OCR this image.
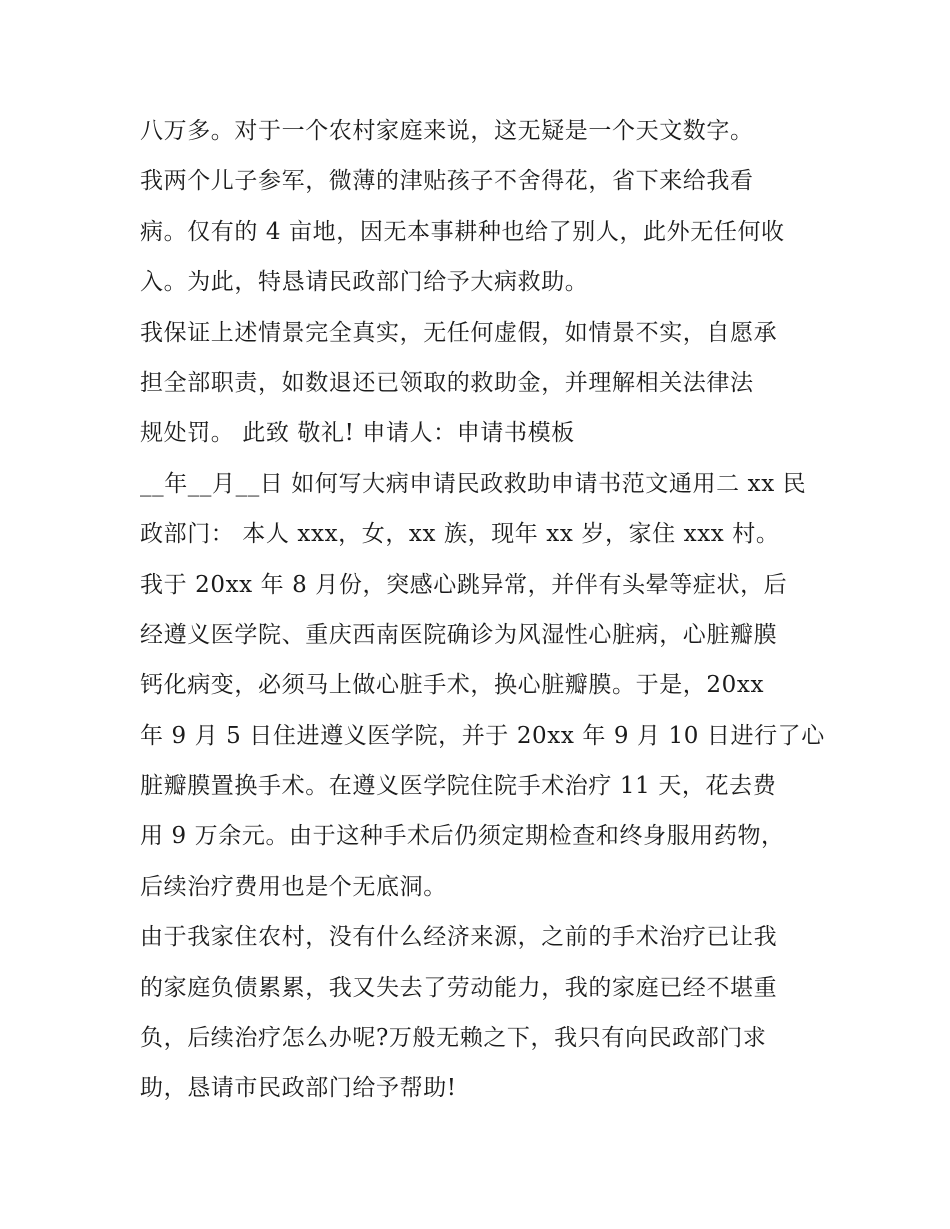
八万多。对于一个农村家庭来说，这无疑是一个天文数字。
我两个儿子参军，微薄的津贴孩子不舍得花，省下来给我看
病。仅有的 4 亩地，因无本事耕种也给了别人，此外无任何收
入。为此，特恳请民政部门给予大病救助。
我保证上述情景完全真实，无任何虚假，如情景不实，自愿承
担全部职责，如数退还已领取的救助金，并理解相关法律法
规处罚。 此致 敬礼! 申请人：申请书模板
__年__月__日 如何写大病申请民政救助申请书范文通用二 xx 民
政部门： 本人 xxx，女，xx 族，现年 xx 岁，家住 xxx 村。
我于 20xx 年 8 月份，突感心跳异常，并伴有头晕等症状，后
经遵义医学院、重庆西南医院确诊为风湿性心脏病，心脏瓣膜
钙化病变，必须马上做心脏手术，换心脏瓣膜。于是，20xx
年 9 月 5 日住进遵义医学院，并于 20xx 年 9 月 10 日进行了心
脏瓣膜置换手术。在遵义医学院住院手术治疗 11 天，花去费
用 9 万余元。由于这种手术后仍须定期检查和终身服用药物，
后续治疗费用也是个无底洞。
由于我家住农村，没有什么经济来源，之前的手术治疗已让我
的家庭负债累累，我又失去了劳动能力，我的家庭已经不堪重
负，后续治疗怎么办呢?万般无赖之下，我只有向民政部门求
助，恳请市民政部门给予帮助!
